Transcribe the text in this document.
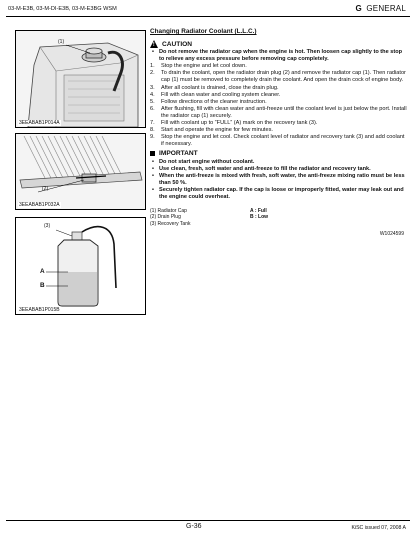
03-M-E3B, 03-M-DI-E3B, 03-M-E3BG WSM	G GENERAL
(1)
3EEABAB1P014A
(2)
3EEABAB1P032A
(3)
A
B
3EEABAB1P015B
Changing Radiator Coolant (L.L.C.)
!
CAUTION
• Do not remove the radiator cap when the engine is hot. Then loosen cap slightly to the stop to relieve any excess pressure before removing cap completely.
1. Stop the engine and let cool down.
2. To drain the coolant, open the radiator drain plug (2) and remove the radiator cap (1). Then radiator cap (1) must be removed to completely drain the coolant. And open the drain cock of engine body.
3. After all coolant is drained, close the drain plug.
4. Fill with clean water and cooling system cleaner.
5. Follow directions of the cleaner instruction.
6. After flushing, fill with clean water and anti-freeze until the coolant level is just below the port. Install the radiator cap (1) securely.
7. Fill with coolant up to “FULL” (A) mark on the recovery tank (3).
8. Start and operate the engine for few minutes.
9. Stop the engine and let cool. Check coolant level of radiator and recovery tank (3) and add coolant if necessary.
IMPORTANT
• Do not start engine without coolant.
• Use clean, fresh, soft water and anti-freeze to fill the radiator and recovery tank.
• When the anti-freeze is mixed with fresh, soft water, the anti-freeze mixing ratio must be less than 50 %.
• Securely tighten radiator cap. If the cap is loose or improperly fitted, water may leak out and the engine could overheat.
(1) Radiator Cap	A : Full
(2) Drain Plug	B : Low
(3) Recovery Tank
W1024599
G-36	KiSC issued 07, 2008 A
